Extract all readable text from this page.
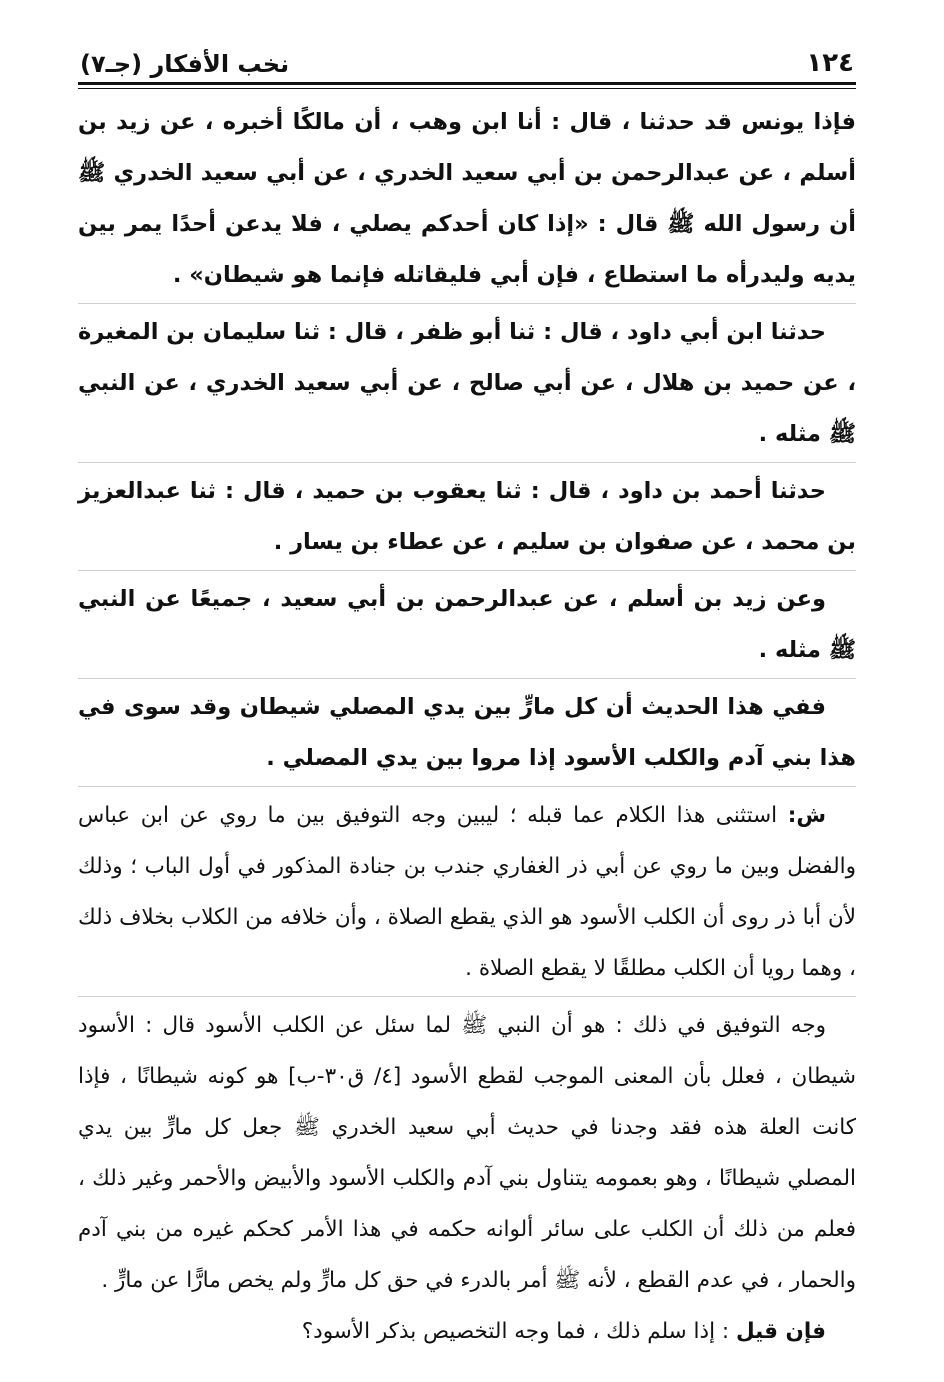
١٢٤
نخب الأفكار (جـ٧)

فإذا يونس قد حدثنا ، قال : أنا ابن وهب ، أن مالكًا أخبره ، عن زيد بن أسلم ، عن عبدالرحمن بن أبي سعيد الخدري ، عن أبي سعيد الخدري ﷺ أن رسول الله ﷺ قال : «إذا كان أحدكم يصلي ، فلا يدعن أحدًا يمر بين يديه وليدرأه ما استطاع ، فإن أبي فليقاتله فإنما هو شيطان» .

حدثنا ابن أبي داود ، قال : ثنا أبو ظفر ، قال : ثنا سليمان بن المغيرة ، عن حميد بن هلال ، عن أبي صالح ، عن أبي سعيد الخدري ، عن النبي ﷺ مثله .

حدثنا أحمد بن داود ، قال : ثنا يعقوب بن حميد ، قال : ثنا عبدالعزيز بن محمد ، عن صفوان بن سليم ، عن عطاء بن يسار .

وعن زيد بن أسلم ، عن عبدالرحمن بن أبي سعيد ، جميعًا عن النبي ﷺ مثله .

ففي هذا الحديث أن كل مارٍّ بين يدي المصلي شيطان وقد سوى في هذا بني آدم والكلب الأسود إذا مروا بين يدي المصلي .

ش: استثنى هذا الكلام عما قبله ؛ ليبين وجه التوفيق بين ما روي عن ابن عباس والفضل وبين ما روي عن أبي ذر الغفاري جندب بن جنادة المذكور في أول الباب ؛ وذلك لأن أبا ذر روى أن الكلب الأسود هو الذي يقطع الصلاة ، وأن خلافه من الكلاب بخلاف ذلك ، وهما رويا أن الكلب مطلقًا لا يقطع الصلاة .

وجه التوفيق في ذلك : هو أن النبي ﷺ لما سئل عن الكلب الأسود قال : الأسود شيطان ، فعلل بأن المعنى الموجب لقطع الأسود [٤/ ق٣٠-ب] هو كونه شيطانًا ، فإذا كانت العلة هذه فقد وجدنا في حديث أبي سعيد الخدري ﷺ جعل كل مارٍّ بين يدي المصلي شيطانًا ، وهو بعمومه يتناول بني آدم والكلب الأسود والأبيض والأحمر وغير ذلك ، فعلم من ذلك أن الكلب على سائر ألوانه حكمه في هذا الأمر كحكم غيره من بني آدم والحمار ، في عدم القطع ، لأنه ﷺ أمر بالدرء في حق كل مارٍّ ولم يخص مارًّا عن مارٍّ .

فإن قيل : إذا سلم ذلك ، فما وجه التخصيص بذكر الأسود؟
